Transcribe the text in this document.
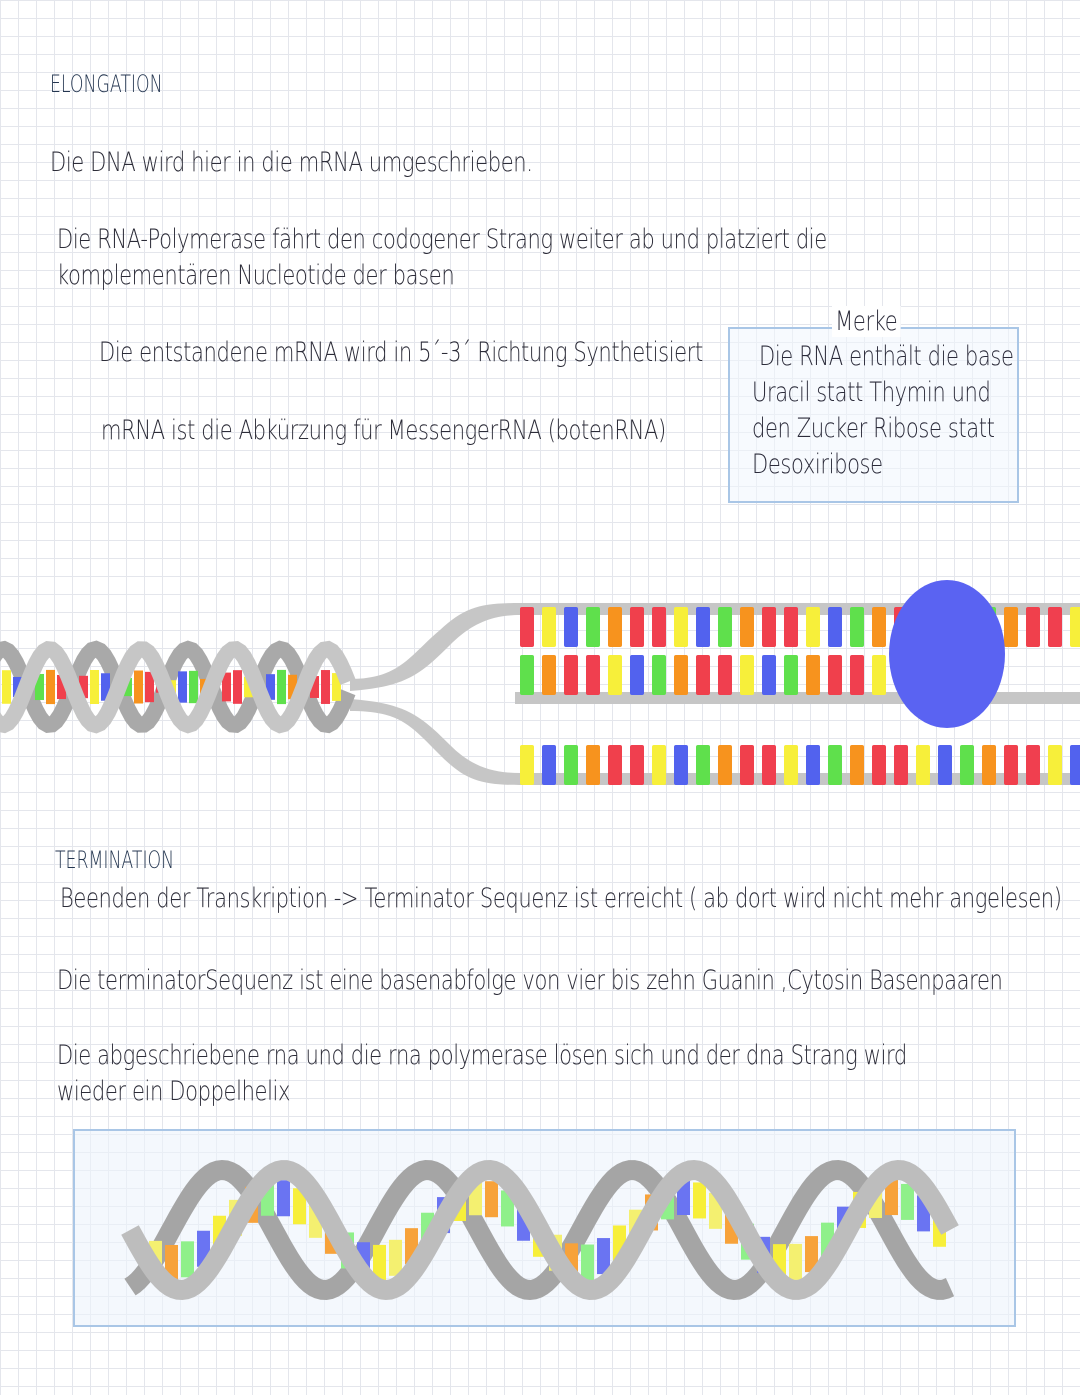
ELONGATION
Die DNA wird hier in die mRNA umgeschrieben.
Die RNA-Polymerase fährt den codogener Strang weiter ab und platziert die
komplementären Nucleotide der basen
Die entstandene mRNA wird in 5´-3´ Richtung Synthetisiert
mRNA ist die Abkürzung für MessengerRNA (botenRNA)
Merke
Die RNA enthält die base
Uracil statt Thymin und
den Zucker Ribose statt
Desoxiribose
TERMINATION
Beenden der Transkription -> Terminator Sequenz ist erreicht ( ab dort wird nicht mehr angelesen)
Die terminatorSequenz ist eine basenabfolge von vier bis zehn Guanin ,Cytosin Basenpaaren
Die abgeschriebene rna und die rna polymerase lösen sich und der dna Strang wird
wieder ein Doppelhelix
